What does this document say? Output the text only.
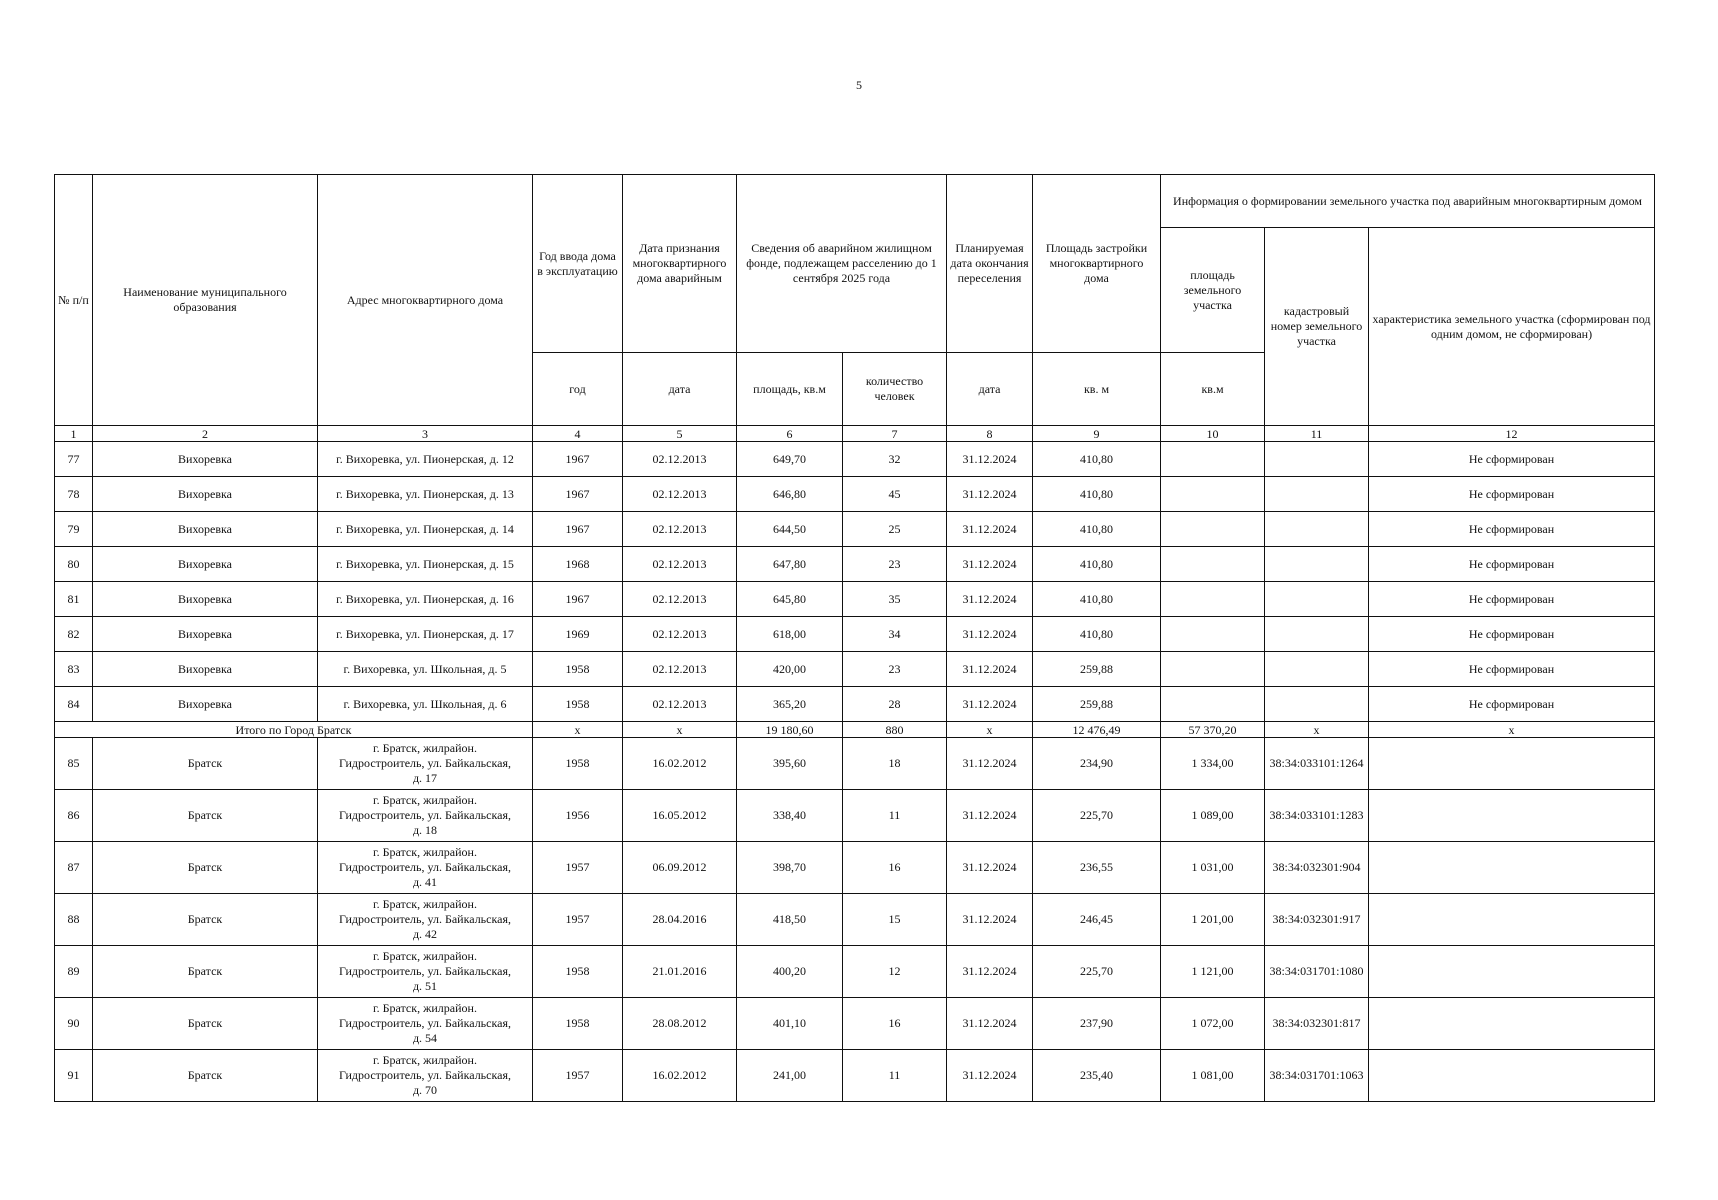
5
№ п/п	Наименование муниципального образования	Адрес многоквартирного дома	Год ввода дома в эксплуатацию	Дата признания многоквартирного дома аварийным	Сведения об аварийном жилищном фонде, подлежащем расселению до 1 сентября 2025 года		Планируемая дата окончания переселения	Площадь застройки многоквартирного дома	Информация о формировании земельного участка под аварийным многоквартирным домом		
									площадь земельного участка	кадастровый номер земельного участка	характеристика земельного участка (сформирован под одним домом, не сформирован)
			год	дата	площадь, кв.м	количество человек	дата	кв. м	кв.м		
1	2	3	4	5	6	7	8	9	10	11	12
77	Вихоревка	г. Вихоревка, ул. Пионерская, д. 12	1967	02.12.2013	649,70	32	31.12.2024	410,80			Не сформирован
78	Вихоревка	г. Вихоревка, ул. Пионерская, д. 13	1967	02.12.2013	646,80	45	31.12.2024	410,80			Не сформирован
79	Вихоревка	г. Вихоревка, ул. Пионерская, д. 14	1967	02.12.2013	644,50	25	31.12.2024	410,80			Не сформирован
80	Вихоревка	г. Вихоревка, ул. Пионерская, д. 15	1968	02.12.2013	647,80	23	31.12.2024	410,80			Не сформирован
81	Вихоревка	г. Вихоревка, ул. Пионерская, д. 16	1967	02.12.2013	645,80	35	31.12.2024	410,80			Не сформирован
82	Вихоревка	г. Вихоревка, ул. Пионерская, д. 17	1969	02.12.2013	618,00	34	31.12.2024	410,80			Не сформирован
83	Вихоревка	г. Вихоревка, ул. Школьная, д. 5	1958	02.12.2013	420,00	23	31.12.2024	259,88			Не сформирован
84	Вихоревка	г. Вихоревка, ул. Школьная, д. 6	1958	02.12.2013	365,20	28	31.12.2024	259,88			Не сформирован
Итого по Город Братск			x	x	19 180,60	880	x	12 476,49	57 370,20	x	x
85	Братск	г. Братск, жилрайон.
Гидростроитель, ул. Байкальская,
д. 17	1958	16.02.2012	395,60	18	31.12.2024	234,90	1 334,00	38:34:033101:1264	
86	Братск	г. Братск, жилрайон.
Гидростроитель, ул. Байкальская,
д. 18	1956	16.05.2012	338,40	11	31.12.2024	225,70	1 089,00	38:34:033101:1283	
87	Братск	г. Братск, жилрайон.
Гидростроитель, ул. Байкальская,
д. 41	1957	06.09.2012	398,70	16	31.12.2024	236,55	1 031,00	38:34:032301:904	
88	Братск	г. Братск, жилрайон.
Гидростроитель, ул. Байкальская,
д. 42	1957	28.04.2016	418,50	15	31.12.2024	246,45	1 201,00	38:34:032301:917	
89	Братск	г. Братск, жилрайон.
Гидростроитель, ул. Байкальская,
д. 51	1958	21.01.2016	400,20	12	31.12.2024	225,70	1 121,00	38:34:031701:1080	
90	Братск	г. Братск, жилрайон.
Гидростроитель, ул. Байкальская,
д. 54	1958	28.08.2012	401,10	16	31.12.2024	237,90	1 072,00	38:34:032301:817	
91	Братск	г. Братск, жилрайон.
Гидростроитель, ул. Байкальская,
д. 70	1957	16.02.2012	241,00	11	31.12.2024	235,40	1 081,00	38:34:031701:1063	
